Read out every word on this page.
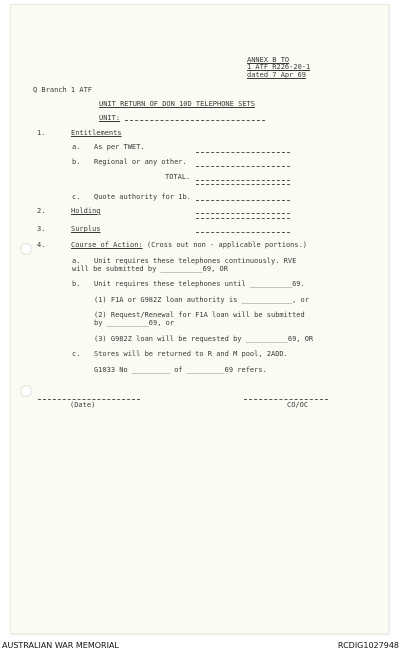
ANNEX B TO
1 ATF R226-20-1
dated 7 Apr 69
Q Branch 1 ATF
UNIT RETURN OF DON 10D TELEPHONE SETS
UNIT:
1.	Entitlements
a. As per TWET.
b. Regional or any other.
TOTAL.
c. Quote authority for 1b.
2.	Holding
3.	Surplus
4.	Course of Action: (Cross out non - applicable portions.)
a. Unit requires these telephones continuously. RVE
will be submitted by __________69, OR
b. Unit requires these telephones until __________69.
(1) F1A or G982Z loan authority is ____________, or
(2) Request/Renewal for F1A loan will be submitted
by __________69, or
(3) G982Z loan will be requested by __________69, OR
c. Stores will be returned to R and M pool, 2ADD.
G1033 No _________ of _________69 refers.
(Date)	CO/OC
AUSTRALIAN WAR MEMORIAL	RCDIG1027948
